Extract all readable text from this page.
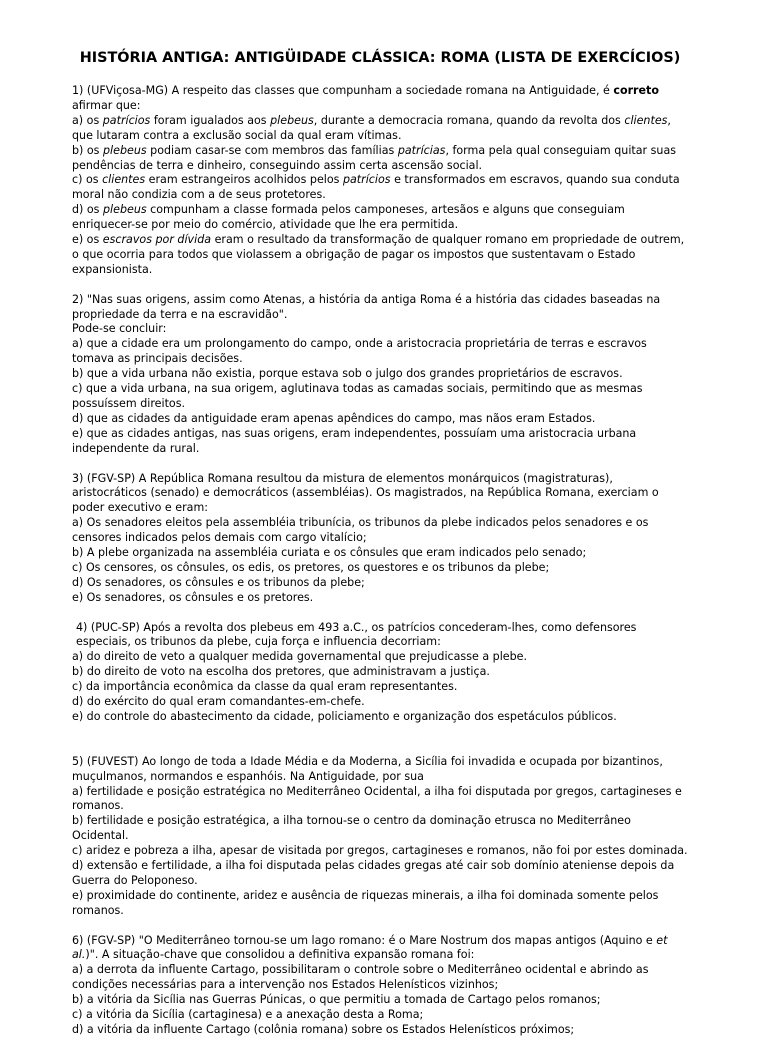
HISTÓRIA ANTIGA: ANTIGÜIDADE CLÁSSICA: ROMA (LISTA DE EXERCÍCIOS)

1) (UFViçosa-MG) A respeito das classes que compunham a sociedade romana na Antiguidade, é correto afirmar que:

a) os patrícios foram igualados aos plebeus, durante a democracia romana, quando da revolta dos clientes, que lutaram contra a exclusão social da qual eram vítimas.

b) os plebeus podiam casar-se com membros das famílias patrícias, forma pela qual conseguiam quitar suas pendências de terra e dinheiro, conseguindo assim certa ascensão social.

c) os clientes eram estrangeiros acolhidos pelos patrícios e transformados em escravos, quando sua conduta moral não condizia com a de seus protetores.

d) os plebeus compunham a classe formada pelos camponeses, artesãos e alguns que conseguiam enriquecer-se por meio do comércio, atividade que lhe era permitida.

e) os escravos por dívida eram o resultado da transformação de qualquer romano em propriedade de outrem, o que ocorria para todos que violassem a obrigação de pagar os impostos que sustentavam o Estado expansionista.

2) "Nas suas origens, assim como Atenas, a história da antiga Roma é a história das cidades baseadas na propriedade da terra e na escravidão".

Pode-se concluir:

a) que a cidade era um prolongamento do campo, onde a aristocracia proprietária de terras e escravos tomava as principais decisões.

b) que a vida urbana não existia, porque estava sob o julgo dos grandes proprietários de escravos.

c) que a vida urbana, na sua origem, aglutinava todas as camadas sociais, permitindo que as mesmas possuíssem direitos.

d) que as cidades da antiguidade eram apenas apêndices do campo, mas nãos eram Estados.

e) que as cidades antigas, nas suas origens, eram independentes, possuíam uma aristocracia urbana independente da rural.

3) (FGV-SP) A República Romana resultou da mistura de elementos monárquicos (magistraturas), aristocráticos (senado) e democráticos (assembléias). Os magistrados, na República Romana, exerciam o poder executivo e eram:

a) Os senadores eleitos pela assembléia tribunícia, os tribunos da plebe indicados pelos senadores e os censores indicados pelos demais com cargo vitalício;

b) A plebe organizada na assembléia curiata e os cônsules que eram indicados pelo senado;

c) Os censores, os cônsules, os edis, os pretores, os questores e os tribunos da plebe;

d) Os senadores, os cônsules e os tribunos da plebe;

e) Os senadores, os cônsules e os pretores.

4) (PUC-SP) Após a revolta dos plebeus em 493 a.C., os patrícios concederam-lhes, como defensores especiais, os tribunos da plebe, cuja força e influencia decorriam:

a) do direito de veto a qualquer medida governamental que prejudicasse a plebe.

b) do direito de voto na escolha dos pretores, que administravam a justiça.

c) da importância econômica da classe da qual eram representantes.

d) do exército do qual eram comandantes-em-chefe.

e) do controle do abastecimento da cidade, policiamento e organização dos espetáculos públicos.

5) (FUVEST) Ao longo de toda a Idade Média e da Moderna, a Sicília foi invadida e ocupada por bizantinos, muçulmanos, normandos e espanhóis. Na Antiguidade, por sua

a) fertilidade e posição estratégica no Mediterrâneo Ocidental, a ilha foi disputada por gregos, cartagineses e romanos.

b) fertilidade e posição estratégica, a ilha tornou-se o centro da dominação etrusca no Mediterrâneo Ocidental.

c) aridez e pobreza a ilha, apesar de visitada por gregos, cartagineses e romanos, não foi por estes dominada.

d) extensão e fertilidade, a ilha foi disputada pelas cidades gregas até cair sob domínio ateniense depois da Guerra do Peloponeso.

e) proximidade do continente, aridez e ausência de riquezas minerais, a ilha foi dominada somente pelos romanos.

6) (FGV-SP) "O Mediterrâneo tornou-se um lago romano: é o Mare Nostrum dos mapas antigos (Aquino e et al.)". A situação-chave que consolidou a definitiva expansão romana foi:

a) a derrota da influente Cartago, possibilitaram o controle sobre o Mediterrâneo ocidental e abrindo as condições necessárias para a intervenção nos Estados Helenísticos vizinhos;

b) a vitória da Sicília nas Guerras Púnicas, o que permitiu a tomada de Cartago pelos romanos;

c) a vitória da Sicília (cartaginesa) e a anexação desta a Roma;

d) a vitória da influente Cartago (colônia romana) sobre os Estados Helenísticos próximos;
